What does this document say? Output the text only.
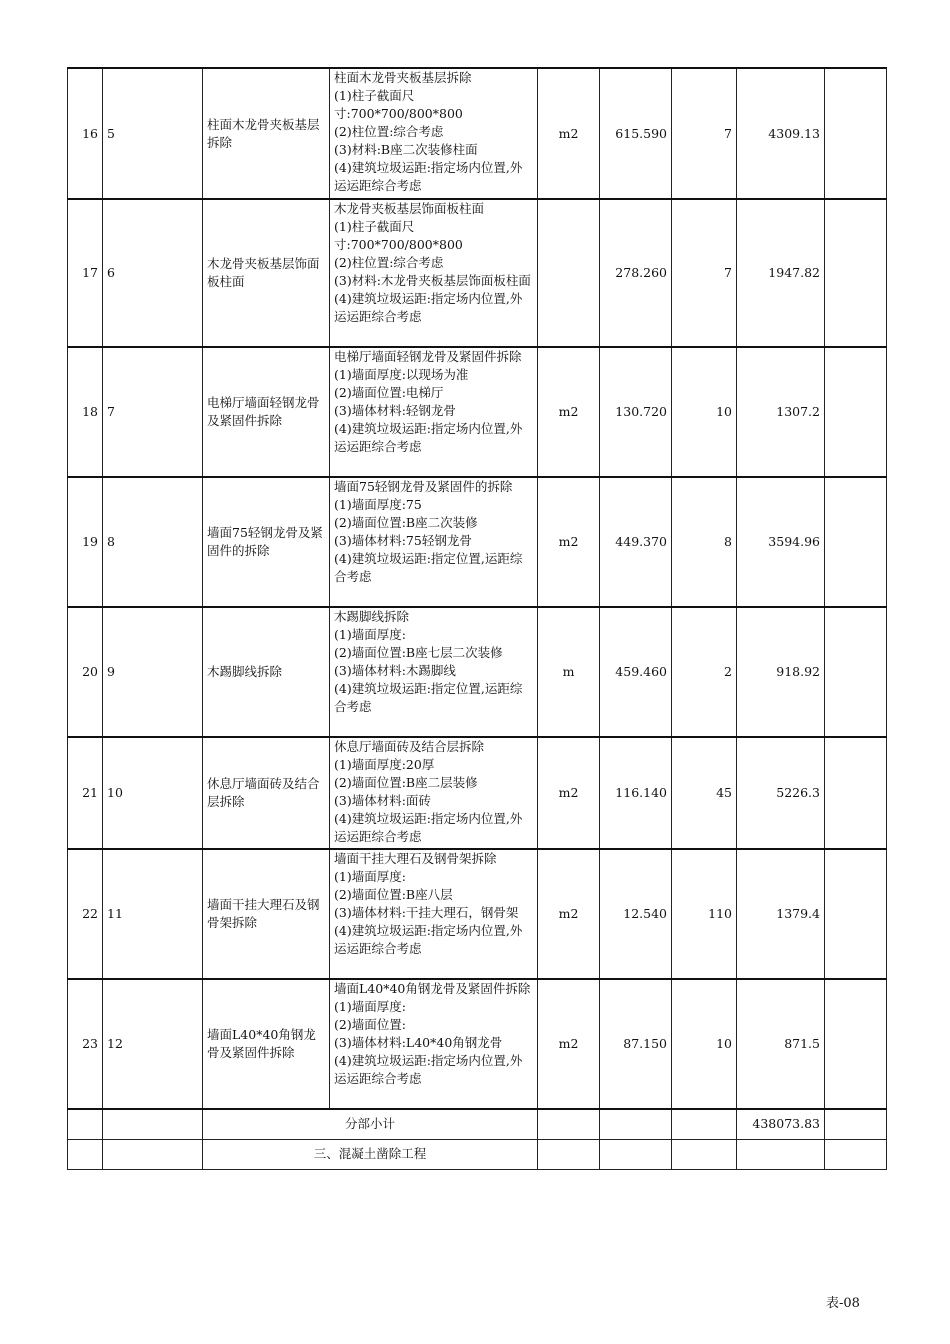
16	5	柱面木龙骨夹板基层拆除	柱面木龙骨夹板基层拆除
(1)柱子截面尺寸:700*700/800*800
(2)柱位置:综合考虑
(3)材料:B座二次装修柱面
(4)建筑垃圾运距:指定场内位置,外运运距综合考虑	m2	615.590	7	4309.13	
17	6	木龙骨夹板基层饰面板柱面	木龙骨夹板基层饰面板柱面
(1)柱子截面尺寸:700*700/800*800
(2)柱位置:综合考虑
(3)材料:木龙骨夹板基层饰面板柱面
(4)建筑垃圾运距:指定场内位置,外运运距综合考虑		278.260	7	1947.82	
18	7	电梯厅墙面轻钢龙骨及紧固件拆除	电梯厅墙面轻钢龙骨及紧固件拆除
(1)墙面厚度:以现场为准
(2)墙面位置:电梯厅
(3)墙体材料:轻钢龙骨
(4)建筑垃圾运距:指定场内位置,外运运距综合考虑	m2	130.720	10	1307.2	
19	8	墙面75轻钢龙骨及紧固件的拆除	墙面75轻钢龙骨及紧固件的拆除
(1)墙面厚度:75
(2)墙面位置:B座二次装修
(3)墙体材料:75轻钢龙骨
(4)建筑垃圾运距:指定位置,运距综合考虑	m2	449.370	8	3594.96	
20	9	木踢脚线拆除	木踢脚线拆除
(1)墙面厚度:
(2)墙面位置:B座七层二次装修
(3)墙体材料:木踢脚线
(4)建筑垃圾运距:指定位置,运距综合考虑	m	459.460	2	918.92	
21	10	休息厅墙面砖及结合层拆除	休息厅墙面砖及结合层拆除
(1)墙面厚度:20厚
(2)墙面位置:B座二层装修
(3)墙体材料:面砖
(4)建筑垃圾运距:指定场内位置,外运运距综合考虑	m2	116.140	45	5226.3	
22	11	墙面干挂大理石及钢骨架拆除	墙面干挂大理石及钢骨架拆除
(1)墙面厚度:
(2)墙面位置:B座八层
(3)墙体材料:干挂大理石，钢骨架
(4)建筑垃圾运距:指定场内位置,外运运距综合考虑	m2	12.540	110	1379.4	
23	12	墙面L40*40角钢龙骨及紧固件拆除	墙面L40*40角钢龙骨及紧固件拆除
(1)墙面厚度:
(2)墙面位置:
(3)墙体材料:L40*40角钢龙骨
(4)建筑垃圾运距:指定场内位置,外运运距综合考虑	m2	87.150	10	871.5	
		分部小计					438073.83	
		三、混凝土凿除工程						
表-08
